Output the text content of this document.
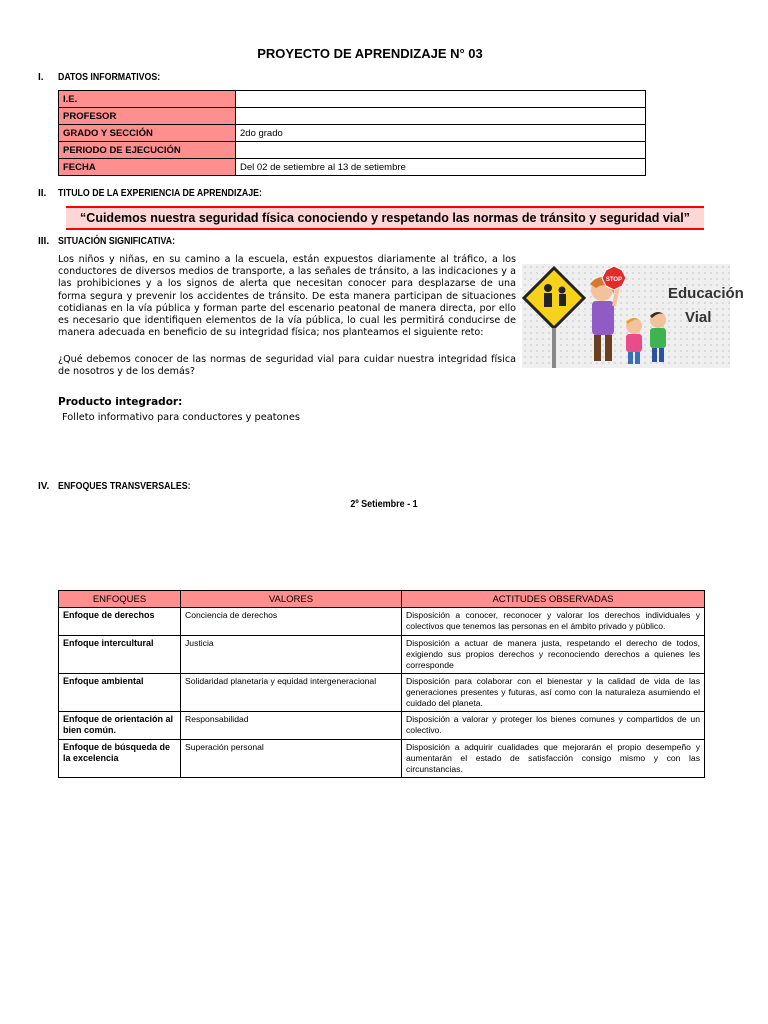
PROYECTO DE APRENDIZAJE N° 03
I. DATOS INFORMATIVOS:
I.E.	
PROFESOR	
GRADO Y SECCIÓN	2do grado
PERIODO DE EJECUCIÓN	
FECHA	Del 02 de setiembre al 13 de setiembre
II. TITULO DE LA EXPERIENCIA DE APRENDIZAJE:
“Cuidemos nuestra seguridad física conociendo y respetando las normas de tránsito y seguridad vial”
III. SITUACIÓN SIGNIFICATIVA:

Los niños y niñas, en su camino a la escuela, están expuestos diariamente al tráfico, a los conductores de diversos medios de transporte, a las señales de tránsito, a las indicaciones y a las prohibiciones y a los signos de alerta que necesitan conocer para desplazarse de una forma segura y prevenir los accidentes de tránsito. De esta manera participan de situaciones cotidianas en la vía pública y forman parte del escenario peatonal de manera directa, por ello es necesario que identifiquen elementos de la vía pública, lo cual les permitirá conducirse de manera adecuada en beneficio de su integridad física; nos planteamos el siguiente reto:

¿Qué debemos conocer de las normas de seguridad vial para cuidar nuestra integridad física de nosotros y de los demás?

STOP
Educación
Vial
Producto integrador:
Folleto informativo para conductores y peatones
IV. ENFOQUES TRANSVERSALES:
2º Setiembre - 1
ENFOQUES	VALORES	ACTITUDES OBSERVADAS
Enfoque de derechos	Conciencia de derechos	Disposición a conocer, reconocer y valorar los derechos individuales y colectivos que tenemos las personas en el ámbito privado y público.
Enfoque intercultural	Justicia	Disposición a actuar de manera justa, respetando el derecho de todos, exigiendo sus propios derechos y reconociendo derechos a quienes les corresponde
Enfoque ambiental	Solidaridad planetaria y equidad intergeneracional	Disposición para colaborar con el bienestar y la calidad de vida de las generaciones presentes y futuras, así como con la naturaleza asumiendo el cuidado del planeta.
Enfoque de orientación al bien común.	Responsabilidad	Disposición a valorar y proteger los bienes comunes y compartidos de un colectivo.
Enfoque de búsqueda de la excelencia	Superación personal	Disposición a adquirir cualidades que mejorarán el propio desempeño y aumentarán el estado de satisfacción consigo mismo y con las circunstancias.
